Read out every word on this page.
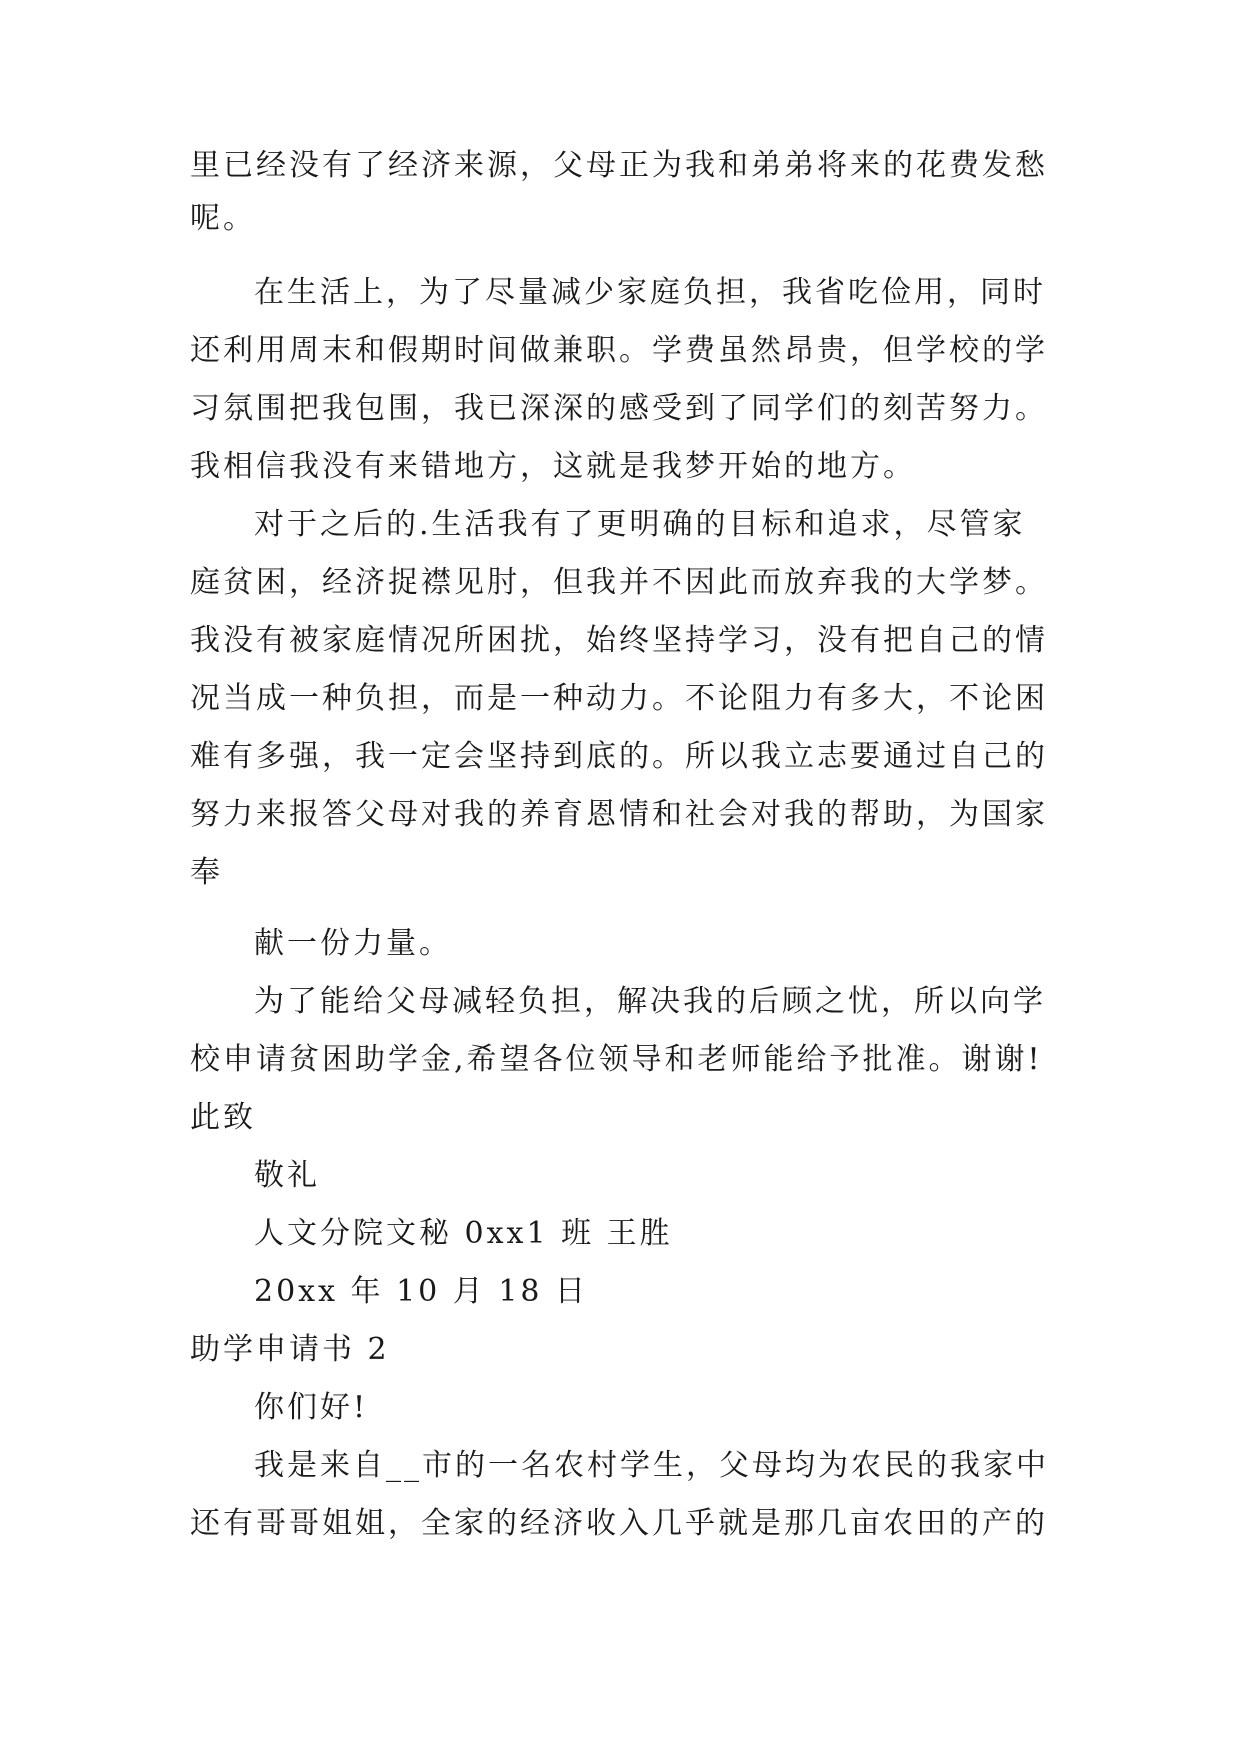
里已经没有了经济来源，父母正为我和弟弟将来的花费发愁

呢。

在生活上，为了尽量减少家庭负担，我省吃俭用，同时

还利用周末和假期时间做兼职。学费虽然昂贵，但学校的学

习氛围把我包围，我已深深的感受到了同学们的刻苦努力。

我相信我没有来错地方，这就是我梦开始的地方。

对于之后的.生活我有了更明确的目标和追求，尽管家

庭贫困，经济捉襟见肘，但我并不因此而放弃我的大学梦。

我没有被家庭情况所困扰，始终坚持学习，没有把自己的情

况当成一种负担，而是一种动力。不论阻力有多大，不论困

难有多强，我一定会坚持到底的。所以我立志要通过自己的

努力来报答父母对我的养育恩情和社会对我的帮助，为国家

奉

献一份力量。

为了能给父母减轻负担，解决我的后顾之忧，所以向学

校申请贫困助学金,希望各位领导和老师能给予批准。谢谢!

此致

敬礼

人文分院文秘 0xx1 班 王胜

20xx 年 10 月 18 日

助学申请书 2

你们好!

我是来自__市的一名农村学生，父母均为农民的我家中

还有哥哥姐姐，全家的经济收入几乎就是那几亩农田的产的
